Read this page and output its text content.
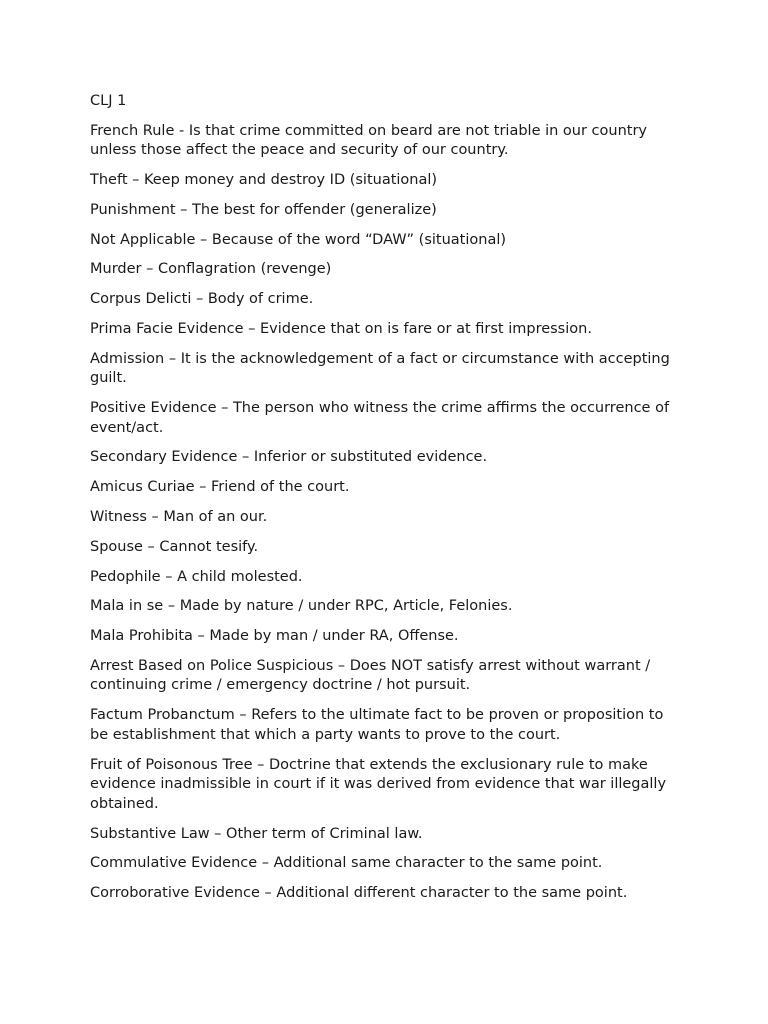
CLJ 1

French Rule - Is that crime committed on beard are not triable in our country unless those affect the peace and security of our country.

Theft – Keep money and destroy ID (situational)

Punishment – The best for offender (generalize)

Not Applicable – Because of the word “DAW” (situational)

Murder – Conflagration (revenge)

Corpus Delicti – Body of crime.

Prima Facie Evidence – Evidence that on is fare or at first impression.

Admission – It is the acknowledgement of a fact or circumstance with accepting guilt.

Positive Evidence – The person who witness the crime affirms the occurrence of event/act.

Secondary Evidence – Inferior or substituted evidence.

Amicus Curiae – Friend of the court.

Witness – Man of an our.

Spouse – Cannot tesify.

Pedophile – A child molested.

Mala in se – Made by nature / under RPC, Article, Felonies.

Mala Prohibita – Made by man / under RA, Offense.

Arrest Based on Police Suspicious – Does NOT satisfy arrest without warrant / continuing crime / emergency doctrine / hot pursuit.

Factum Probanctum – Refers to the ultimate fact to be proven or proposition to be establishment that which a party wants to prove to the court.

Fruit of Poisonous Tree – Doctrine that extends the exclusionary rule to make evidence inadmissible in court if it was derived from evidence that war illegally obtained.

Substantive Law – Other term of Criminal law.

Commulative Evidence – Additional same character to the same point.

Corroborative Evidence – Additional different character to the same point.
